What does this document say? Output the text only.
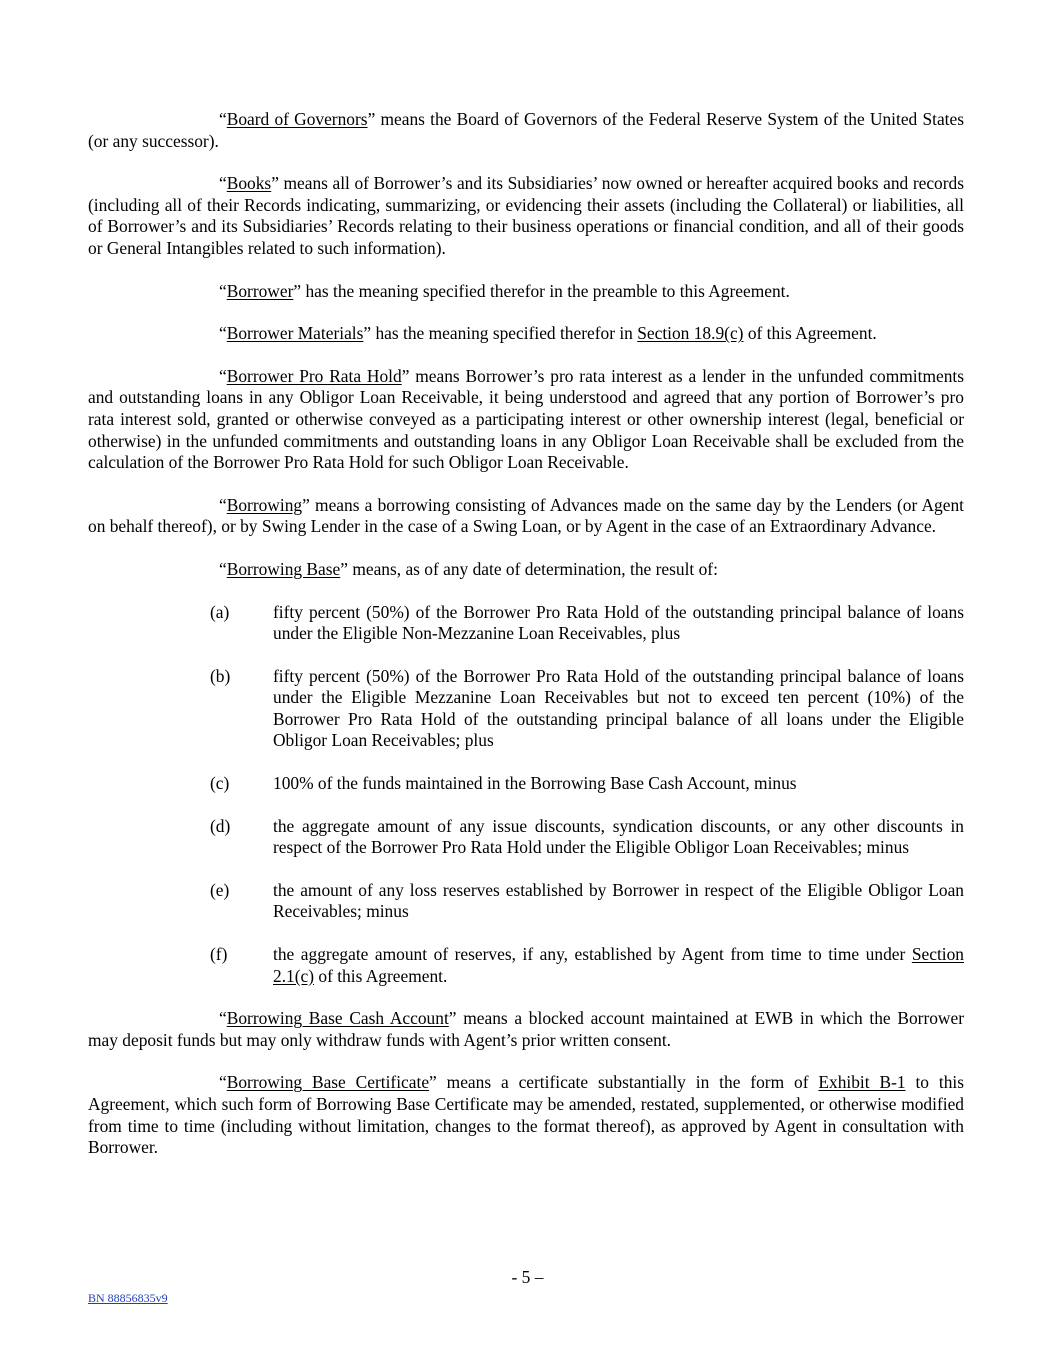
“Board of Governors” means the Board of Governors of the Federal Reserve System of the United States (or any successor).

“Books” means all of Borrower’s and its Subsidiaries’ now owned or hereafter acquired books and records (including all of their Records indicating, summarizing, or evidencing their assets (including the Collateral) or liabilities, all of Borrower’s and its Subsidiaries’ Records relating to their business operations or financial condition, and all of their goods or General Intangibles related to such information).

“Borrower” has the meaning specified therefor in the preamble to this Agreement.

“Borrower Materials” has the meaning specified therefor in Section 18.9(c) of this Agreement.

“Borrower Pro Rata Hold” means Borrower’s pro rata interest as a lender in the unfunded commitments and outstanding loans in any Obligor Loan Receivable, it being understood and agreed that any portion of Borrower’s pro rata interest sold, granted or otherwise conveyed as a participating interest or other ownership interest (legal, beneficial or otherwise) in the unfunded commitments and outstanding loans in any Obligor Loan Receivable shall be excluded from the calculation of the Borrower Pro Rata Hold for such Obligor Loan Receivable.

“Borrowing” means a borrowing consisting of Advances made on the same day by the Lenders (or Agent on behalf thereof), or by Swing Lender in the case of a Swing Loan, or by Agent in the case of an Extraordinary Advance.

“Borrowing Base” means, as of any date of determination, the result of:

(a)	fifty percent (50%) of the Borrower Pro Rata Hold of the outstanding principal balance of loans under the Eligible Non-Mezzanine Loan Receivables, plus
(b) fifty percent (50%) of the Borrower Pro Rata Hold of the outstanding principal balance of loans under the Eligible Mezzanine Loan Receivables but not to exceed ten percent (10%) of the Borrower Pro Rata Hold of the outstanding principal balance of all loans under the Eligible Obligor Loan Receivables; plus
(c)	100% of the funds maintained in the Borrowing Base Cash Account, minus
(d) the aggregate amount of any issue discounts, syndication discounts, or any other discounts in respect of the Borrower Pro Rata Hold under the Eligible Obligor Loan Receivables; minus
(e)	the amount of any loss reserves established by Borrower in respect of the Eligible Obligor Loan Receivables; minus
(f)	the aggregate amount of reserves, if any, established by Agent from time to time under Section 2.1(c) of this Agreement.

“Borrowing Base Cash Account” means a blocked account maintained at EWB in which the Borrower may deposit funds but may only withdraw funds with Agent’s prior written consent.

“Borrowing Base Certificate” means a certificate substantially in the form of Exhibit B-1 to this Agreement, which such form of Borrowing Base Certificate may be amended, restated, supplemented, or otherwise modified from time to time (including without limitation, changes to the format thereof), as approved by Agent in consultation with Borrower.

- 5 –
BN 88856835v9
